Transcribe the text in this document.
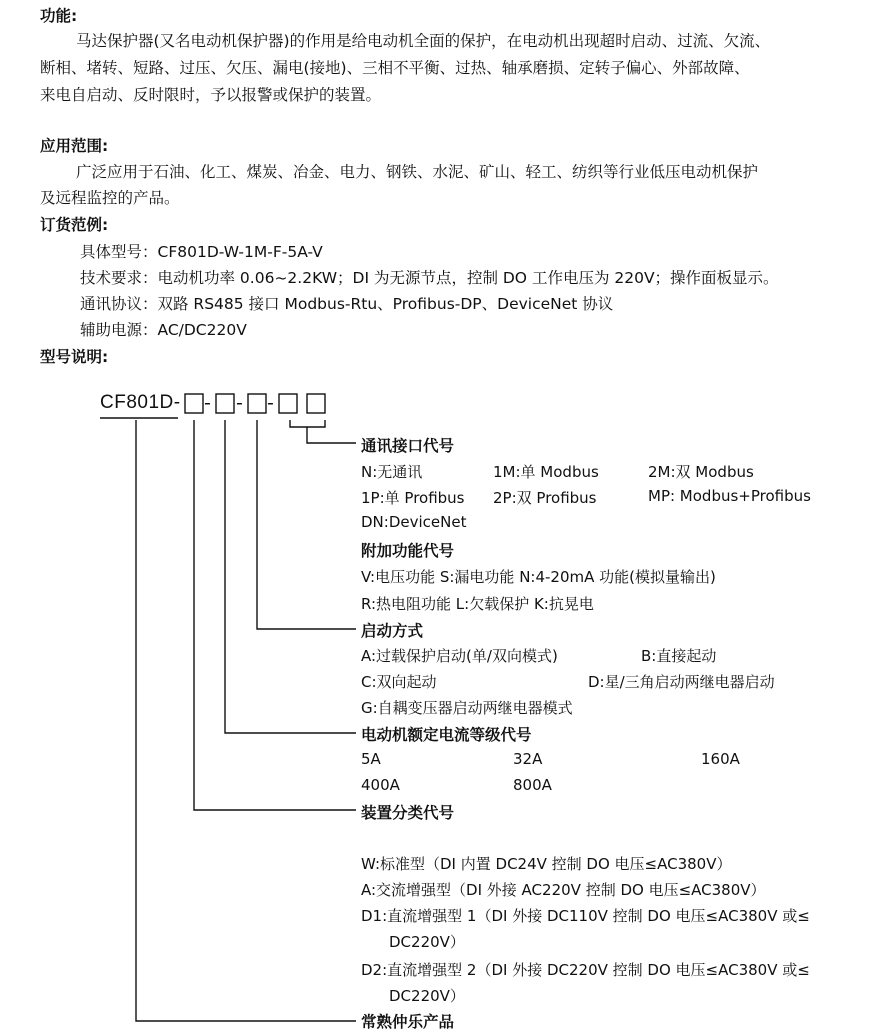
功能:
马达保护器(又名电动机保护器)的作用是给电动机全面的保护，在电动机出现超时启动、过流、欠流、
断相、堵转、短路、过压、欠压、漏电(接地)、三相不平衡、过热、轴承磨损、定转子偏心、外部故障、
来电自启动、反时限时，予以报警或保护的装置。
应用范围:
广泛应用于石油、化工、煤炭、冶金、电力、钢铁、水泥、矿山、轻工、纺织等行业低压电动机保护
及远程监控的产品。
订货范例:
具体型号：CF801D-W-1M-F-5A-V
技术要求：电动机功率 0.06~2.2KW；DI 为无源节点，控制 DO 工作电压为 220V；操作面板显示。
通讯协议：双路 RS485 接口 Modbus-Rtu、Profibus-DP、DeviceNet 协议
辅助电源：AC/DC220V
型号说明:
CF801D- - - -
通讯接口代号
N:无通讯	1M:单 Modbus	2M:双 Modbus
1P:单 Profibus 2P:双 Profibus	MP: Modbus+Profibus
DN:DeviceNet
附加功能代号
V:电压功能 S:漏电功能 N:4-20mA 功能(模拟量输出)
R:热电阻功能 L:欠载保护 K:抗晃电
启动方式
A:过载保护启动(单/双向模式)	B:直接起动
C:双向起动	D:星/三角启动两继电器启动
G:自耦变压器启动两继电器模式
电动机额定电流等级代号
5A	32A	160A
400A	800A
装置分类代号
W:标准型（DI 内置 DC24V 控制 DO 电压≤AC380V）
A:交流增强型（DI 外接 AC220V 控制 DO 电压≤AC380V）
D1:直流增强型 1（DI 外接 DC110V 控制 DO 电压≤AC380V 或≤
DC220V）
D2:直流增强型 2（DI 外接 DC220V 控制 DO 电压≤AC380V 或≤
DC220V）
常熟仲乐产品
